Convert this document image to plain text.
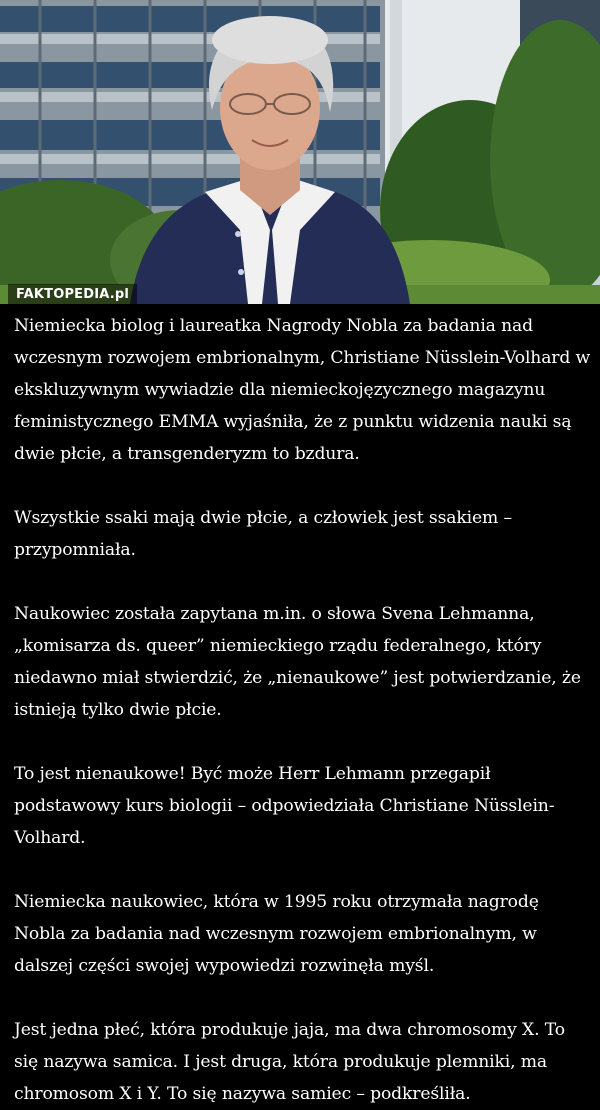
FAKTOPEDIA.pl

Niemiecka biolog i laureatka Nagrody Nobla za badania nad wczesnym rozwojem embrionalnym, Christiane Nüsslein-Volhard w ekskluzywnym wywiadzie dla niemieckojęzycznego magazynu feministycznego EMMA wyjaśniła, że z punktu widzenia nauki są dwie płcie, a transgenderyzm to bzdura.

Wszystkie ssaki mają dwie płcie, a człowiek jest ssakiem – przypomniała.

Naukowiec została zapytana m.in. o słowa Svena Lehmanna, „komisarza ds. queer” niemieckiego rządu federalnego, który niedawno miał stwierdzić, że „nienaukowe” jest potwierdzanie, że istnieją tylko dwie płcie.

To jest nienaukowe! Być może Herr Lehmann przegapił podstawowy kurs biologii – odpowiedziała Christiane Nüsslein-Volhard.

Niemiecka naukowiec, która w 1995 roku otrzymała nagrodę Nobla za badania nad wczesnym rozwojem embrionalnym, w dalszej części swojej wypowiedzi rozwinęła myśl.

Jest jedna płeć, która produkuje jaja, ma dwa chromosomy X. To się nazywa samica. I jest druga, która produkuje plemniki, ma chromosom X i Y. To się nazywa samiec – podkreśliła.
